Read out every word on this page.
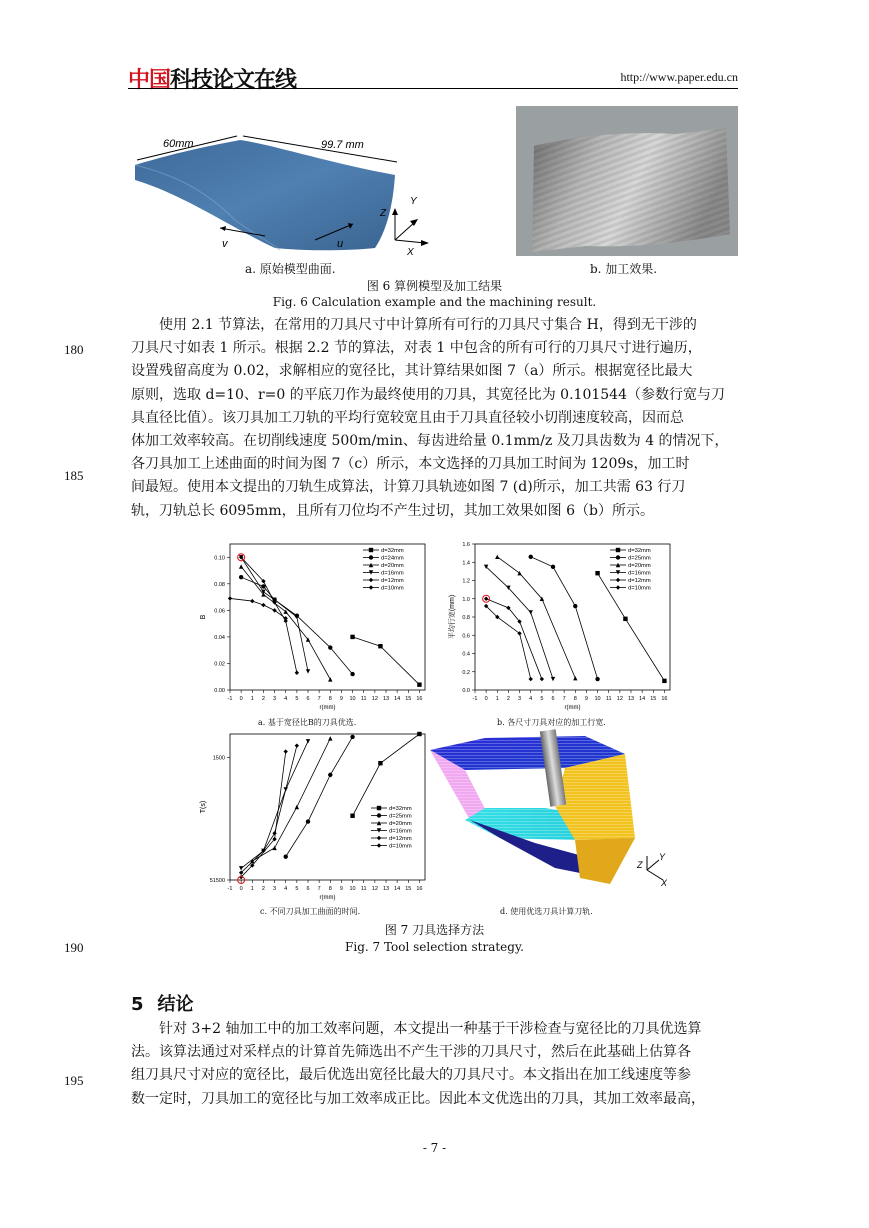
中国科技论文在线	http://www.paper.edu.cn
60mm	99.7 mm
v	u
Z
Y
X
a. 原始模型曲面.	b. 加工效果.
图 6 算例模型及加工结果
Fig. 6 Calculation example and the machining result.
使用 2.1 节算法，在常用的刀具尺寸中计算所有可行的刀具尺寸集合 H，得到无干涉的
刀具尺寸如表 1 所示。根据 2.2 节的算法，对表 1 中包含的所有可行的刀具尺寸进行遍历，
设置残留高度为 0.02，求解相应的宽径比，其计算结果如图 7（a）所示。根据宽径比最大
原则，选取 d=10、r=0 的平底刀作为最终使用的刀具，其宽径比为 0.101544（参数行宽与刀
具直径比值）。该刀具加工刀轨的平均行宽较宽且由于刀具直径较小切削速度较高，因而总
体加工效率较高。在切削线速度 500m/min、每齿进给量 0.1mm/z 及刀具齿数为 4 的情况下，
各刀具加工上述曲面的时间为图 7（c）所示，本文选择的刀具加工时间为 1209s，加工时
间最短。使用本文提出的刀轨生成算法，计算刀具轨迹如图 7 (d)所示，加工共需 63 行刀
轨，刀轨总长 6095mm，且所有刀位均不产生过切，其加工效果如图 6（b）所示。
180
185
-1 0 1 2 3 4 5 6 7 8 9 10 11 12 13 14 15 16
0.00
0.02
0.04
0.06
0.08
0.10
r(mm)
B
d=32mm
d=24mm
d=20mm
d=16mm
d=12mm
d=10mm
-1 0 1 2 3 4 5 6 7 8 9 10 11 12 13 14 15 16
0.0
0.2
0.4
0.6
0.8
1.0
1.2
1.4
1.6
r(mm)
平均行宽(mm)
d=32mm
d=25mm
d=20mm
d=16mm
d=12mm
d=10mm
-1 0 1 2 3 4 5 6 7 8 9 10 11 12 13 14 15 16
1500
51500
r(mm)
T(s)	d=32mm
d=25mm
d=20mm
d=16mm
d=12mm
d=10mm
Z
Y
X
a. 基于宽径比B的刀具优选.	b. 各尺寸刀具对应的加工行宽.
c. 不同刀具加工曲面的时间.	d. 使用优选刀具计算刀轨.
图 7 刀具选择方法
Fig. 7 Tool selection strategy.
190
5 结论
针对 3+2 轴加工中的加工效率问题，本文提出一种基于干涉检查与宽径比的刀具优选算
法。该算法通过对采样点的计算首先筛选出不产生干涉的刀具尺寸，然后在此基础上估算各
组刀具尺寸对应的宽径比，最后优选出宽径比最大的刀具尺寸。本文指出在加工线速度等参
数一定时，刀具加工的宽径比与加工效率成正比。因此本文优选出的刀具，其加工效率最高，
195
- 7 -
